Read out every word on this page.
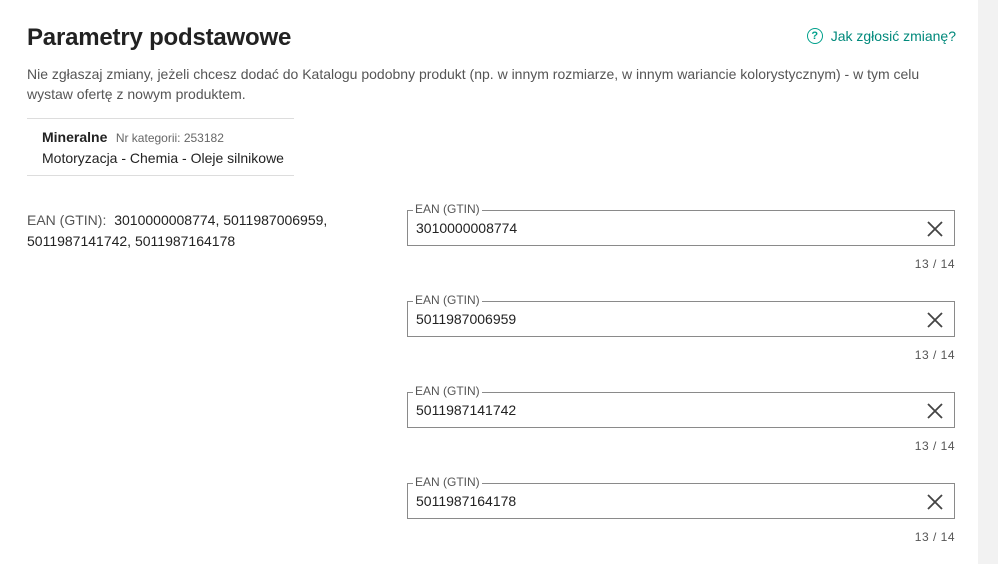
Parametry podstawowe	? Jak zgłosić zmianę?
Nie zgłaszaj zmiany, jeżeli chcesz dodać do Katalogu podobny produkt (np. w innym rozmiarze, w innym wariancie kolorystycznym) - w tym celu wystaw ofertę z nowym produktem.
Mineralne Nr kategorii: 253182
Motoryzacja - Chemia - Oleje silnikowe
EAN (GTIN): 3010000008774, 5011987006959, 5011987141742, 5011987164178
EAN (GTIN)
3010000008774
13 / 14
EAN (GTIN)
5011987006959
13 / 14
EAN (GTIN)
5011987141742
13 / 14
EAN (GTIN)
5011987164178
13 / 14
